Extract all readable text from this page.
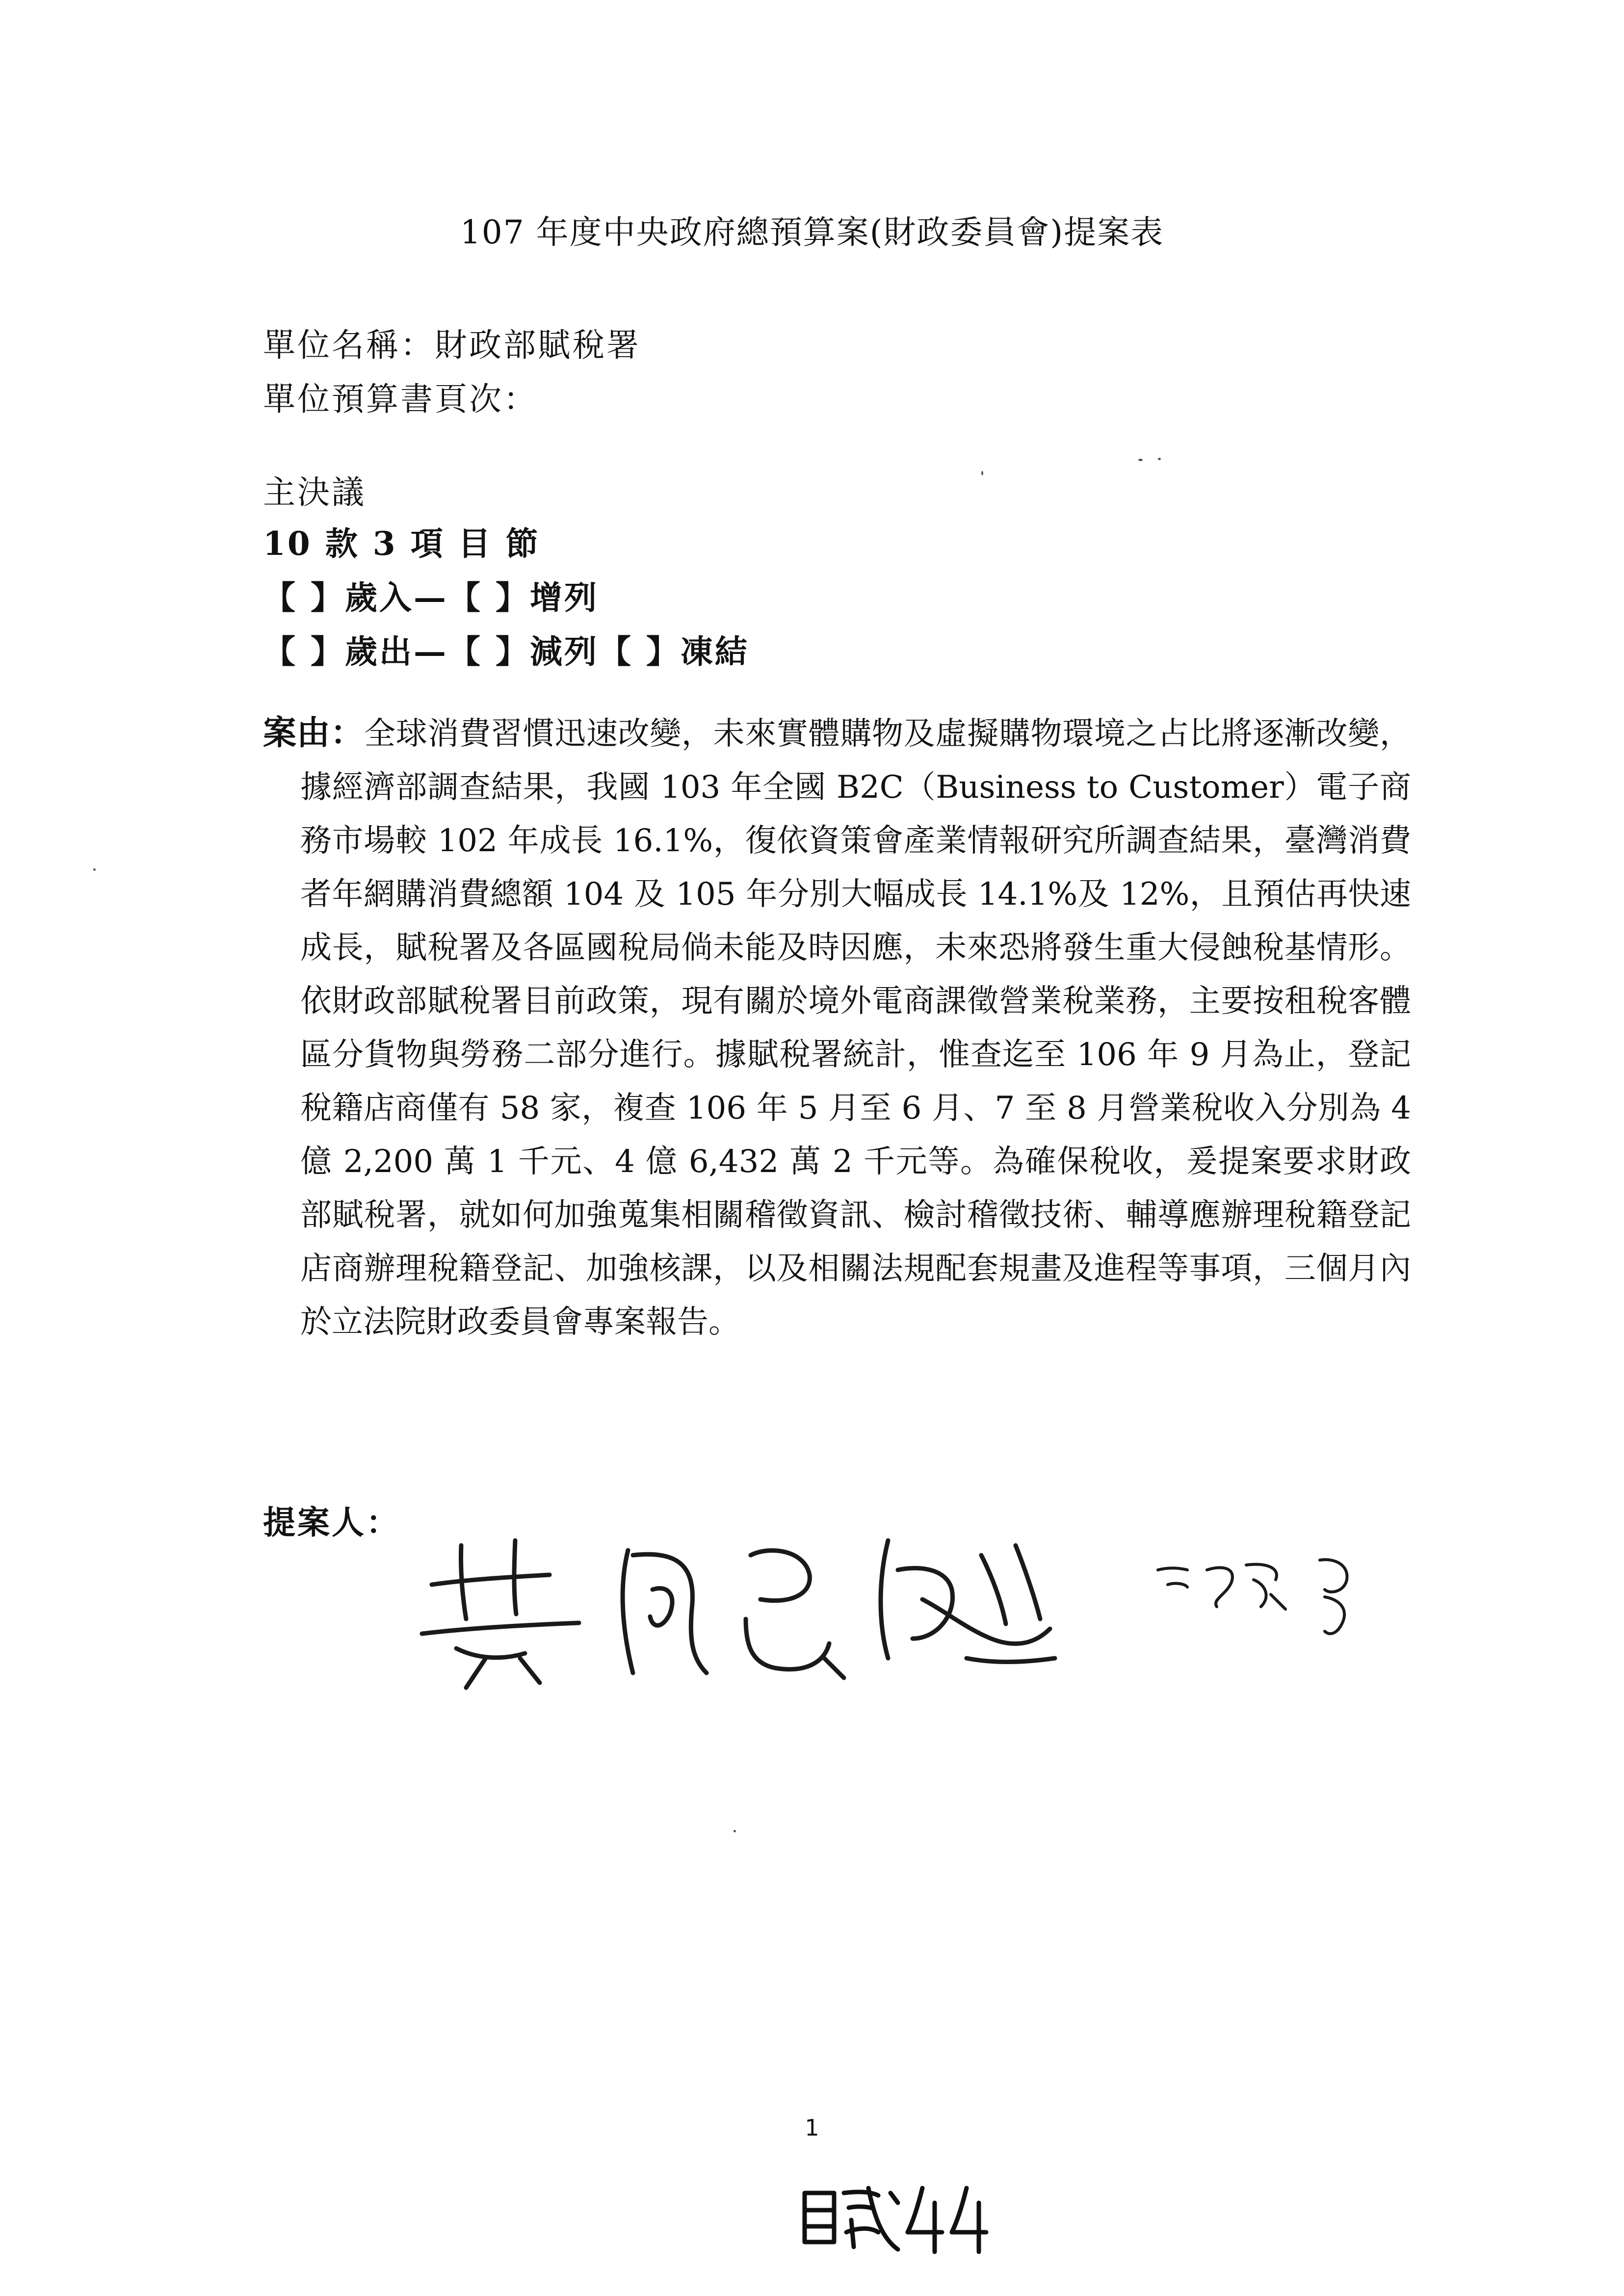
107 年度中央政府總預算案(財政委員會)提案表
單位名稱：財政部賦稅署
單位預算書頁次：
主決議
10 款 3 項 目 節
【 】歲入—【 】增列
【 】歲出—【 】減列【 】凍結
案由：全球消費習慣迅速改變，未來實體購物及虛擬購物環境之占比將逐漸改變，據經濟部調查結果，我國 103 年全國 B2C（Business to Customer）電子商務市場較 102 年成長 16.1%，復依資策會產業情報研究所調查結果，臺灣消費者年網購消費總額 104 及 105 年分別大幅成長 14.1%及 12%，且預估再快速成長，賦稅署及各區國稅局倘未能及時因應，未來恐將發生重大侵蝕稅基情形。依財政部賦稅署目前政策，現有關於境外電商課徵營業稅業務，主要按租稅客體區分貨物與勞務二部分進行。據賦稅署統計，惟查迄至 106 年 9 月為止，登記稅籍店商僅有 58 家，複查 106 年 5 月至 6 月、7 至 8 月營業稅收入分別為 4 億 2,200 萬 1 千元、4 億 6,432 萬 2 千元等。為確保稅收，爰提案要求財政部賦稅署，就如何加強蒐集相關稽徵資訊、檢討稽徵技術、輔導應辦理稅籍登記店商辦理稅籍登記、加強核課，以及相關法規配套規畫及進程等事項，三個月內於立法院財政委員會專案報告。
提案人：
1
